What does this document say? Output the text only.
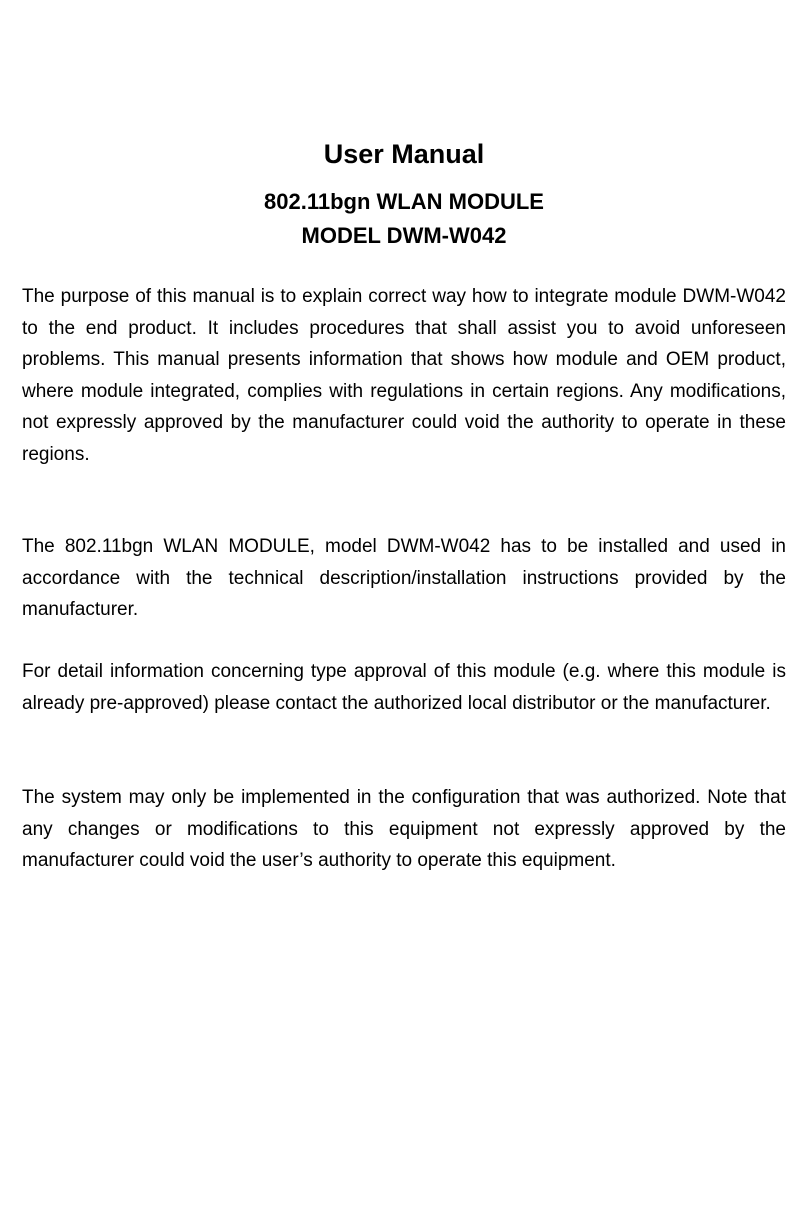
User Manual
802.11bgn WLAN MODULE
MODEL DWM-W042

The purpose of this manual is to explain correct way how to integrate module DWM-W042 to the end product. It includes procedures that shall assist you to avoid unforeseen problems. This manual presents information that shows how module and OEM product, where module integrated, complies with regulations in certain regions. Any modifications, not expressly approved by the manufacturer could void the authority to operate in these regions.

The 802.11bgn WLAN MODULE, model DWM-W042 has to be installed and used in accordance with the technical description/installation instructions provided by the manufacturer.

For detail information concerning type approval of this module (e.g. where this module is already pre-approved) please contact the authorized local distributor or the manufacturer.

The system may only be implemented in the configuration that was authorized. Note that any changes or modifications to this equipment not expressly approved by the manufacturer could void the user’s authority to operate this equipment.
